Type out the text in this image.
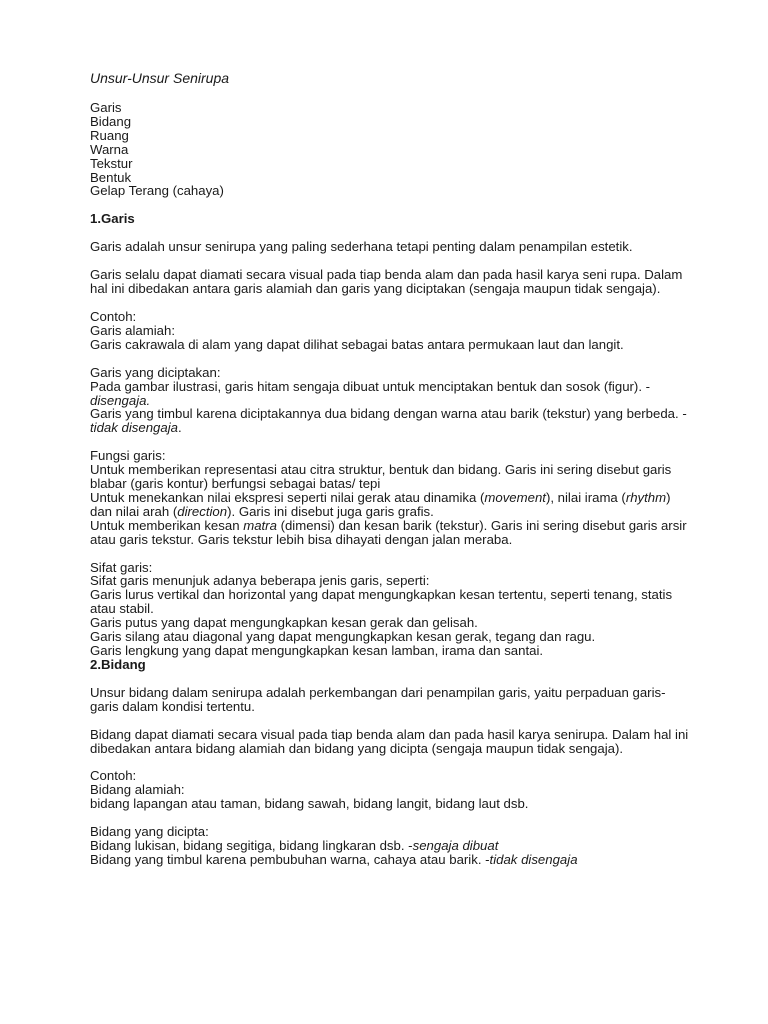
Unsur-Unsur Senirupa
Garis
Bidang
Ruang
Warna
Tekstur
Bentuk
Gelap Terang (cahaya)
1.Garis

Garis adalah unsur senirupa yang paling sederhana tetapi penting dalam penampilan estetik.

Garis selalu dapat diamati secara visual pada tiap benda alam dan pada hasil karya seni rupa. Dalam hal ini dibedakan antara garis alamiah dan garis yang diciptakan (sengaja maupun tidak sengaja).

Contoh:

Garis alamiah:

Garis cakrawala di alam yang dapat dilihat sebagai batas antara permukaan laut dan langit.

Garis yang diciptakan:

Pada gambar ilustrasi, garis hitam sengaja dibuat untuk menciptakan bentuk dan sosok (figur). -disengaja.

Garis yang timbul karena diciptakannya dua bidang dengan warna atau barik (tekstur) yang berbeda. -tidak disengaja.

Fungsi garis:

Untuk memberikan representasi atau citra struktur, bentuk dan bidang. Garis ini sering disebut garis blabar (garis kontur) berfungsi sebagai batas/ tepi

Untuk menekankan nilai ekspresi seperti nilai gerak atau dinamika (movement), nilai irama (rhythm) dan nilai arah (direction). Garis ini disebut juga garis grafis.

Untuk memberikan kesan matra (dimensi) dan kesan barik (tekstur). Garis ini sering disebut garis arsir atau garis tekstur. Garis tekstur lebih bisa dihayati dengan jalan meraba.

Sifat garis:

Sifat garis menunjuk adanya beberapa jenis garis, seperti:

Garis lurus vertikal dan horizontal yang dapat mengungkapkan kesan tertentu, seperti tenang, statis atau stabil.

Garis putus yang dapat mengungkapkan kesan gerak dan gelisah.

Garis silang atau diagonal yang dapat mengungkapkan kesan gerak, tegang dan ragu.

Garis lengkung yang dapat mengungkapkan kesan lamban, irama dan santai.

2.Bidang

Unsur bidang dalam senirupa adalah perkembangan dari penampilan garis, yaitu perpaduan garis-garis dalam kondisi tertentu.

Bidang dapat diamati secara visual pada tiap benda alam dan pada hasil karya senirupa. Dalam hal ini dibedakan antara bidang alamiah dan bidang yang dicipta (sengaja maupun tidak sengaja).

Contoh:

Bidang alamiah:

bidang lapangan atau taman, bidang sawah, bidang langit, bidang laut dsb.

Bidang yang dicipta:

Bidang lukisan, bidang segitiga, bidang lingkaran dsb. -sengaja dibuat

Bidang yang timbul karena pembubuhan warna, cahaya atau barik. -tidak disengaja
